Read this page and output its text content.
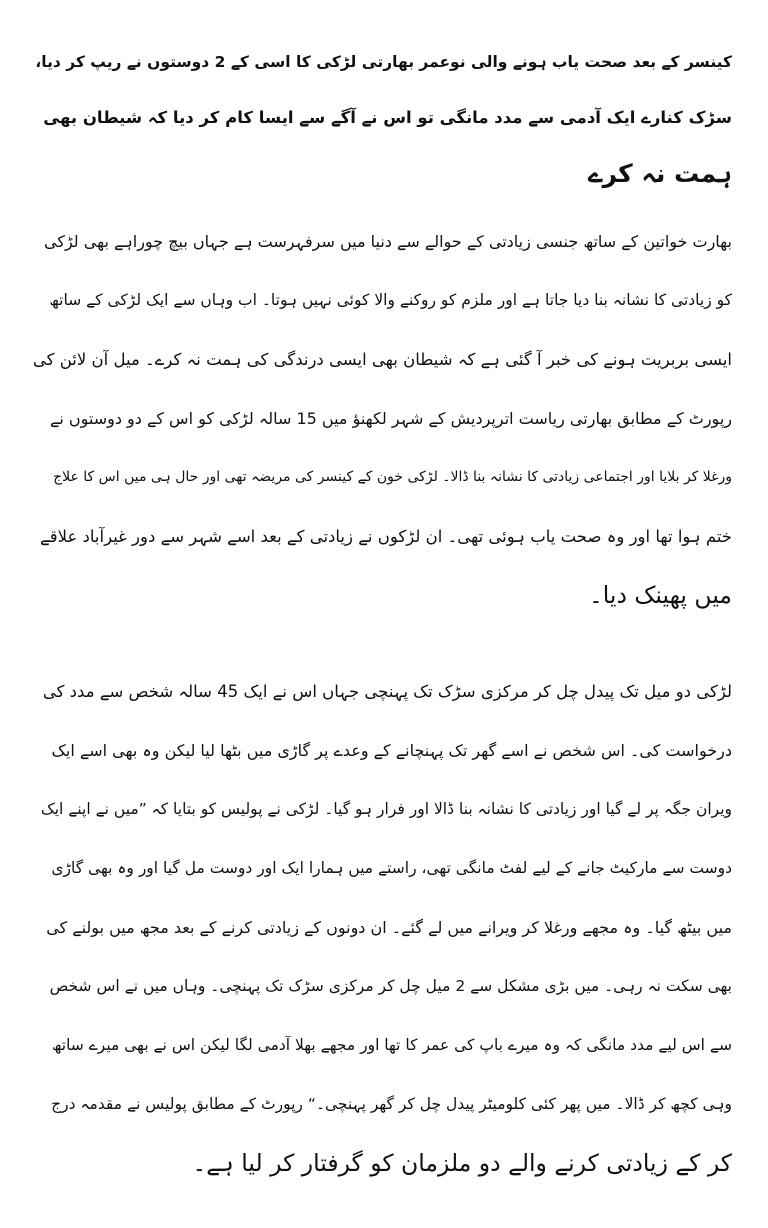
کینسر کے بعد صحت یاب ہونے والی نوعمر بھارتی لڑکی کا اسی کے 2 دوستوں نے ریپ کر دیا،
سڑک کنارے ایک آدمی سے مدد مانگی تو اس نے آگے سے ایسا کام کر دیا کہ شیطان بھی
ہمت نہ کرے
بھارت خواتین کے ساتھ جنسی زیادتی کے حوالے سے دنیا میں سرفہرست ہے جہاں بیچ چوراہے بھی لڑکی
کو زیادتی کا نشانہ بنا دیا جاتا ہے اور ملزم کو روکنے والا کوئی نہیں ہوتا۔ اب وہاں سے ایک لڑکی کے ساتھ
ایسی بربریت ہونے کی خبر آ گئی ہے کہ شیطان بھی ایسی درندگی کی ہمت نہ کرے۔ میل آن لائن کی
رپورٹ کے مطابق بھارتی ریاست اترپردیش کے شہر لکھنؤ میں 15 سالہ لڑکی کو اس کے دو دوستوں نے
ورغلا کر بلایا اور اجتماعی زیادتی کا نشانہ بنا ڈالا۔ لڑکی خون کے کینسر کی مریضہ تھی اور حال ہی میں اس کا علاج
ختم ہوا تھا اور وہ صحت یاب ہوئی تھی۔ ان لڑکوں نے زیادتی کے بعد اسے شہر سے دور غیرآباد علاقے
میں پھینک دیا۔
لڑکی دو میل تک پیدل چل کر مرکزی سڑک تک پہنچی جہاں اس نے ایک 45 سالہ شخص سے مدد کی
درخواست کی۔ اس شخص نے اسے گھر تک پہنچانے کے وعدے پر گاڑی میں بٹھا لیا لیکن وہ بھی اسے ایک
ویران جگہ پر لے گیا اور زیادتی کا نشانہ بنا ڈالا اور فرار ہو گیا۔ لڑکی نے پولیس کو بتایا کہ ”میں نے اپنے ایک
دوست سے مارکیٹ جانے کے لیے لفٹ مانگی تھی، راستے میں ہمارا ایک اور دوست مل گیا اور وہ بھی گاڑی
میں بیٹھ گیا۔ وہ مجھے ورغلا کر ویرانے میں لے گئے۔ ان دونوں کے زیادتی کرنے کے بعد مجھ میں بولنے کی
بھی سکت نہ رہی۔ میں بڑی مشکل سے 2 میل چل کر مرکزی سڑک تک پہنچی۔ وہاں میں نے اس شخص
سے اس لیے مدد مانگی کہ وہ میرے باپ کی عمر کا تھا اور مجھے بھلا آدمی لگا لیکن اس نے بھی میرے ساتھ
وہی کچھ کر ڈالا۔ میں پھر کئی کلومیٹر پیدل چل کر گھر پہنچی۔“ رپورٹ کے مطابق پولیس نے مقدمہ درج
کر کے زیادتی کرنے والے دو ملزمان کو گرفتار کر لیا ہے۔
